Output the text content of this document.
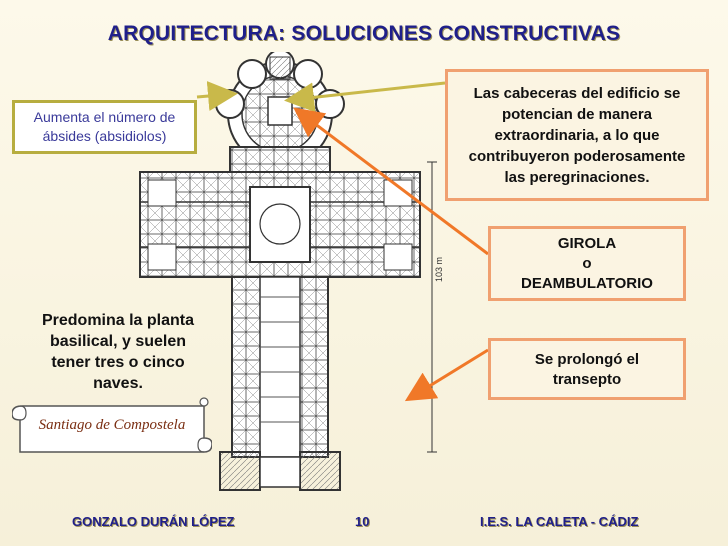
ARQUITECTURA: SOLUCIONES CONSTRUCTIVAS
103 m
Aumenta el número de
ábsides (absidiolos)
Las cabeceras del edificio se
potencian de manera
extraordinaria, a lo que
contribuyeron poderosamente
las peregrinaciones.
GIROLA
o
DEAMBULATORIO
Se prolongó el
transepto
Predomina la planta
basilical, y suelen
tener tres o cinco
naves.
Santiago de Compostela
GONZALO DURÁN LÓPEZ	10	I.E.S. LA CALETA - CÁDIZ
